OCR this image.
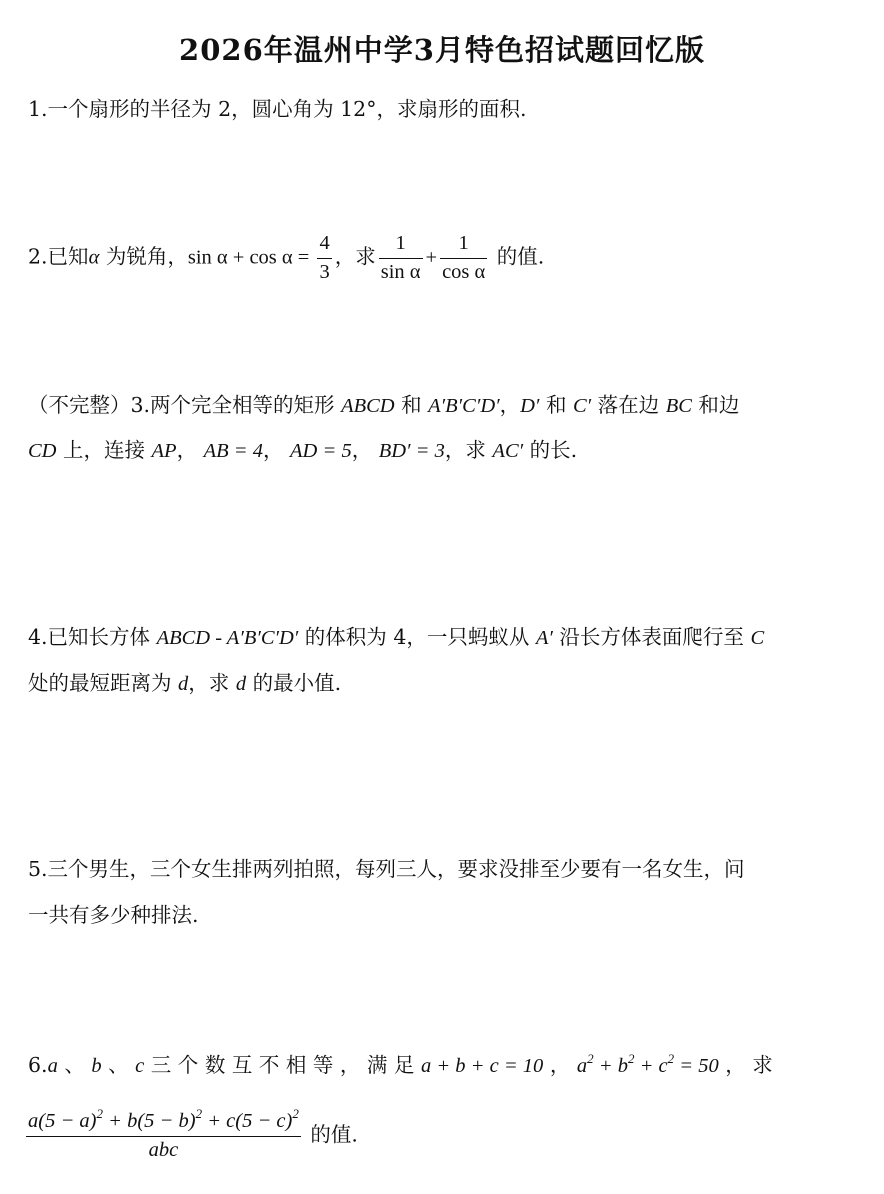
2026年温州中学3月特色招试题回忆版
1.一个扇形的半径为 2，圆心角为 12°，求扇形的面积.
2.已知α 为锐角，$\sin \alpha + \cos \alpha = \frac{4}{3}$ ，求 $\frac{1}{\text{sin α}} + \frac{1}{\text{cos α}}$ 的值.
（不完整）3.两个完全相等的矩形 ABCD 和 A′B′C′D′，D′ 和 C′ 落在边 BC 和边
CD 上，连接 AP， AB = 4， AD = 5， BD′ = 3，求 AC′ 的长.
4.已知长方体 ABCD - A′B′C′D′ 的体积为 4，一只蚂蚁从 A′ 沿长方体表面爬行至 C
处的最短距离为 d，求 d 的最小值.
5.三个男生，三个女生排两列拍照，每列三人，要求没排至少要有一名女生，问
一共有多少种排法.
6.a 、 b 、 c 三 个 数 互 不 相 等 ， 满 足 a + b + c = 10 ， $a^2 + b^2 + c^2 = 50$ ， 求
$\frac{a(5 - a)^2 + b(5 - b)^2 + c(5 - c)^2}{\text{abc}}$ 的值.
